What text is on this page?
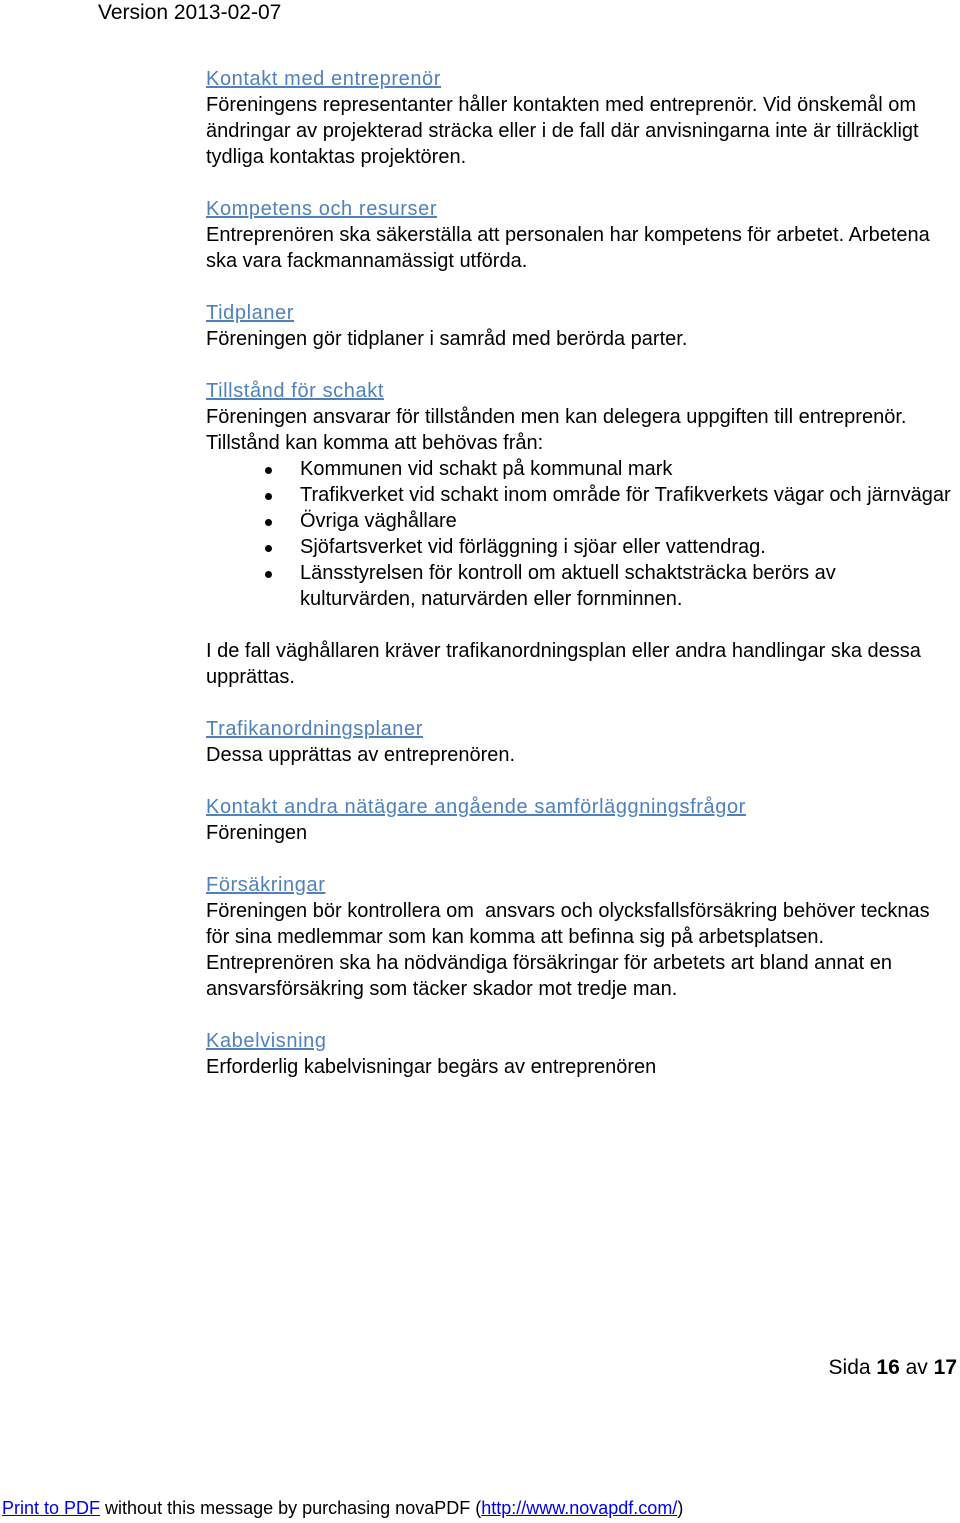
Version 2013-02-07

Kontakt med entreprenör

Föreningens representanter håller kontakten med entreprenör. Vid önskemål om ändringar av projekterad sträcka eller i de fall där anvisningarna inte är tillräckligt tydliga kontaktas projektören.

Kompetens och resurser

Entreprenören ska säkerställa att personalen har kompetens för arbetet. Arbetena ska vara fackmannamässigt utförda.

Tidplaner

Föreningen gör tidplaner i samråd med berörda parter.

Tillstånd för schakt

Föreningen ansvarar för tillstånden men kan delegera uppgiften till entreprenör.

Tillstånd kan komma att behövas från:

Kommunen vid schakt på kommunal mark
Trafikverket vid schakt inom område för Trafikverkets vägar och järnvägar
Övriga väghållare
Sjöfartsverket vid förläggning i sjöar eller vattendrag.
Länsstyrelsen för kontroll om aktuell schaktsträcka berörs av kulturvärden, naturvärden eller fornminnen.

I de fall väghållaren kräver trafikanordningsplan eller andra handlingar ska dessa upprättas.

Trafikanordningsplaner

Dessa upprättas av entreprenören.

Kontakt andra nätägare angående samförläggningsfrågor

Föreningen

Försäkringar

Föreningen bör kontrollera om  ansvars och olycksfallsförsäkring behöver tecknas för sina medlemmar som kan komma att befinna sig på arbetsplatsen.

Entreprenören ska ha nödvändiga försäkringar för arbetets art bland annat en ansvarsförsäkring som täcker skador mot tredje man.

Kabelvisning

Erforderlig kabelvisningar begärs av entreprenören

Sida 16 av 17
Print to PDF without this message by purchasing novaPDF (http://www.novapdf.com/)
